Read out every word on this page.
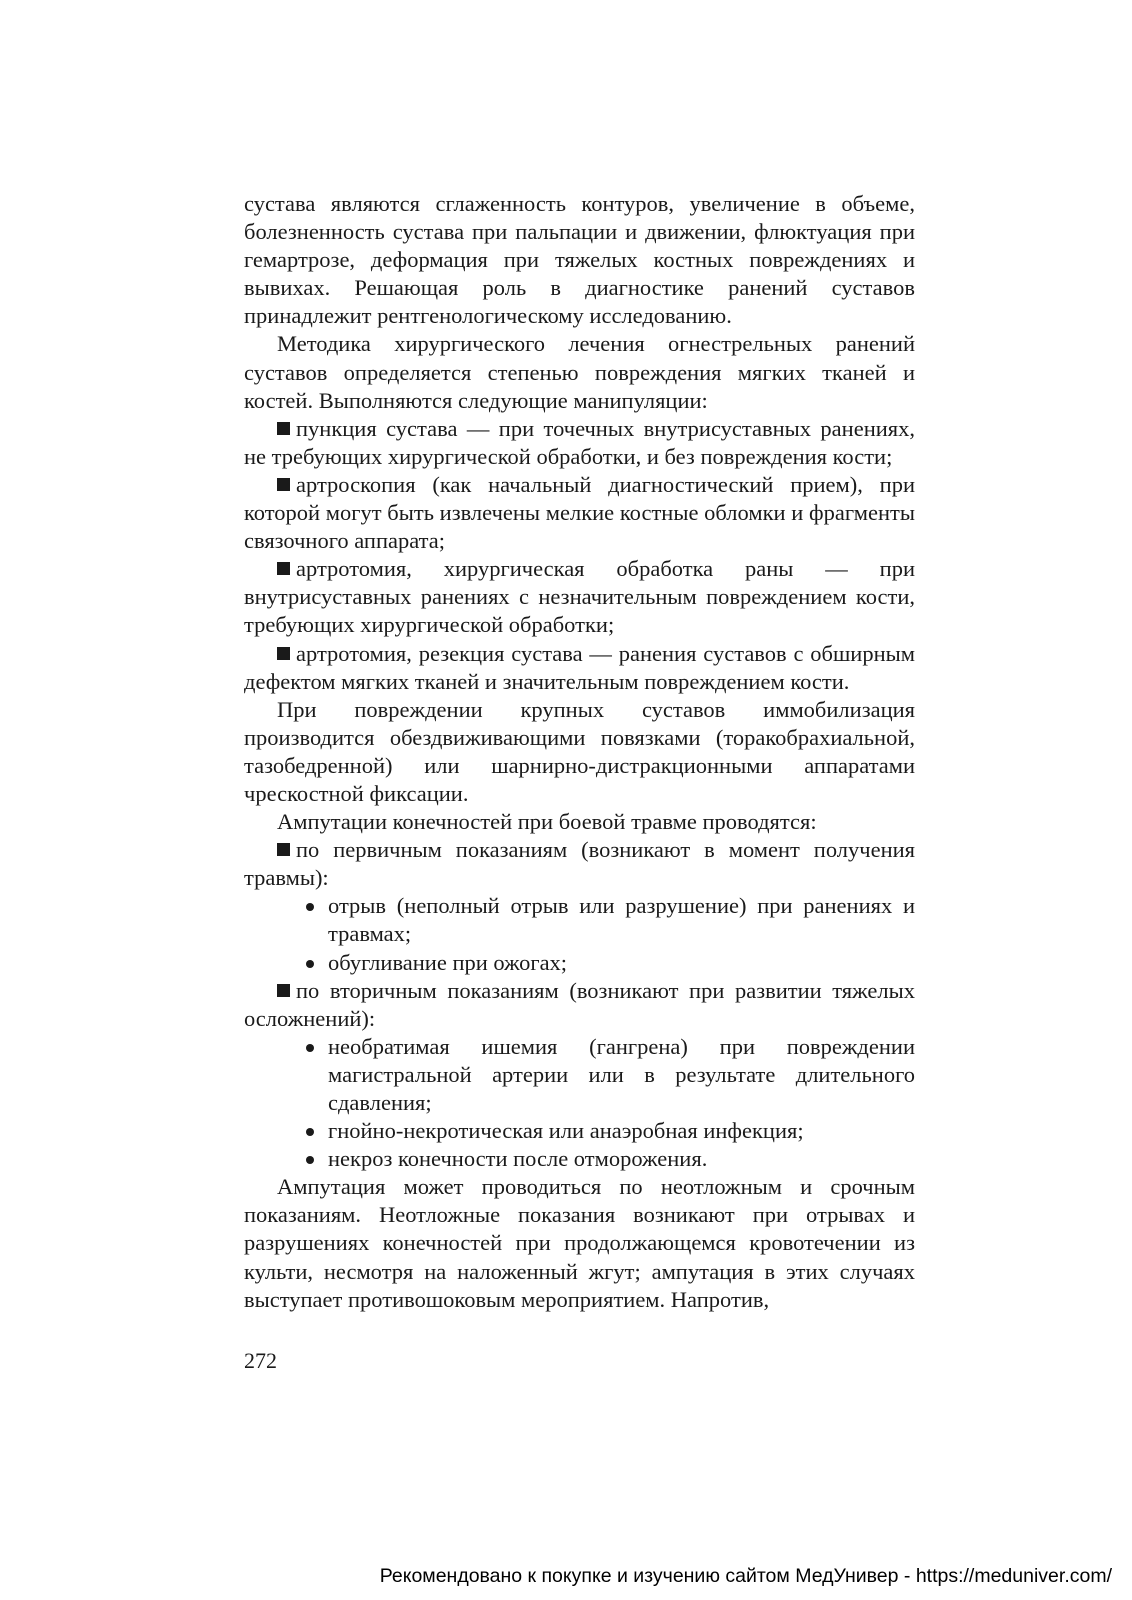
сустава являются сглаженность контуров, увеличение в объеме, болезненность сустава при пальпации и движении, флюктуация при гемартрозе, деформация при тяжелых костных повреждениях и вывихах. Решающая роль в диагностике ранений суставов принадлежит рентгенологическому исследованию.

Методика хирургического лечения огнестрельных ранений суставов определяется степенью повреждения мягких тканей и костей. Выполняются следующие манипуляции:

пункция сустава — при точечных внутрисуставных ранениях, не требующих хирургической обработки, и без повреждения кости;

артроскопия (как начальный диагностический прием), при которой могут быть извлечены мелкие костные обломки и фрагменты связочного аппарата;

артротомия, хирургическая обработка раны — при внутрисуставных ранениях с незначительным повреждением кости, требующих хирургической обработки;

артротомия, резекция сустава — ранения суставов с обширным дефектом мягких тканей и значительным повреждением кости.

При повреждении крупных суставов иммобилизация производится обездвиживающими повязками (торакобрахиальной, тазобедренной) или шарнирно-дистракционными аппаратами чрескостной фиксации.

Ампутации конечностей при боевой травме проводятся:

по первичным показаниям (возникают в момент получения травмы):

отрыв (неполный отрыв или разрушение) при ранениях и травмах;
обугливание при ожогах;

по вторичным показаниям (возникают при развитии тяжелых осложнений):

необратимая ишемия (гангрена) при повреждении магистральной артерии или в результате длительного сдавления;
гнойно-некротическая или анаэробная инфекция;
некроз конечности после отморожения.

Ампутация может проводиться по неотложным и срочным показаниям. Неотложные показания возникают при отрывах и разрушениях конечностей при продолжающемся кровотечении из культи, несмотря на наложенный жгут; ампутация в этих случаях выступает противошоковым мероприятием. Напротив,

272
Рекомендовано к покупке и изучению сайтом МедУнивер - https://meduniver.com/
